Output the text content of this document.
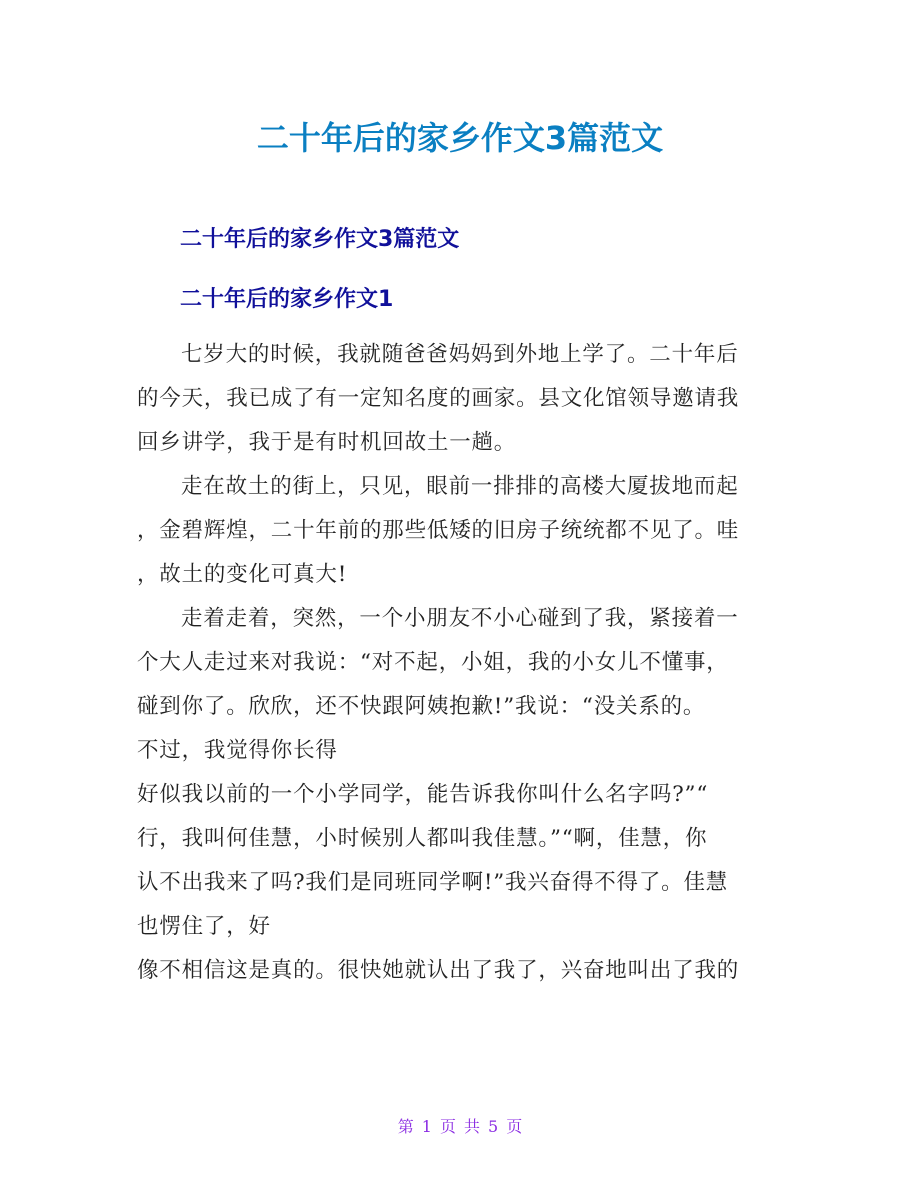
二十年后的家乡作文3篇范文
二十年后的家乡作文3篇范文
二十年后的家乡作文1
七岁大的时候，我就随爸爸妈妈到外地上学了。二十年后
的今天，我已成了有一定知名度的画家。县文化馆领导邀请我
回乡讲学，我于是有时机回故土一趟。
走在故土的街上，只见，眼前一排排的高楼大厦拔地而起
，金碧辉煌，二十年前的那些低矮的旧房子统统都不见了。哇
，故土的变化可真大!
走着走着，突然，一个小朋友不小心碰到了我，紧接着一
个大人走过来对我说：“对不起，小姐，我的小女儿不懂事，
碰到你了。欣欣，还不快跟阿姨抱歉!”我说：“没关系的。
不过，我觉得你长得
好似我以前的一个小学同学，能告诉我你叫什么名字吗?”“
行，我叫何佳慧，小时候别人都叫我佳慧。”“啊，佳慧，你
认不出我来了吗?我们是同班同学啊!”我兴奋得不得了。佳慧
也愣住了，好
像不相信这是真的。很快她就认出了我了，兴奋地叫出了我的
第 1 页 共 5 页
